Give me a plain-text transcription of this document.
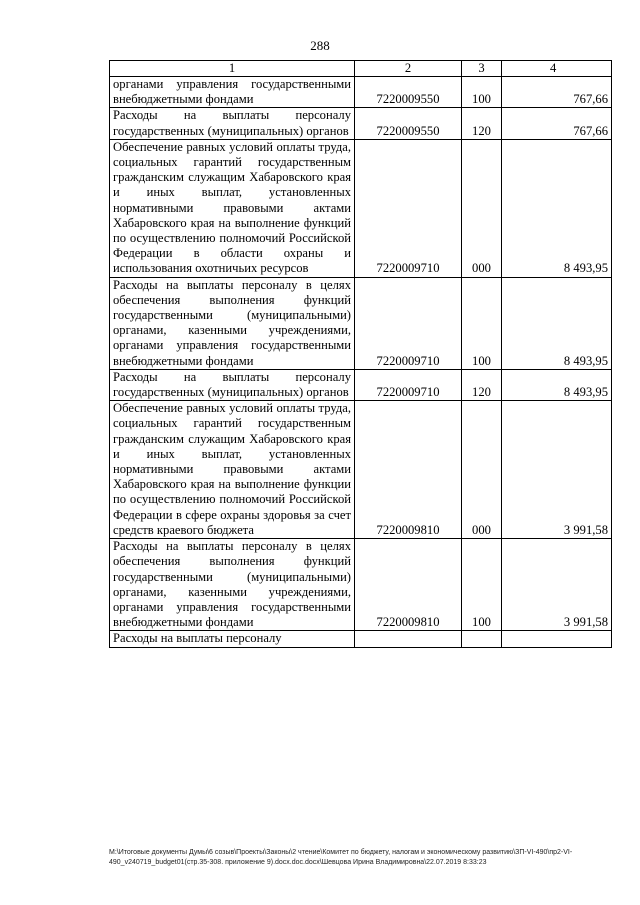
288
1	2	3	4
органами управления государственными внебюджетными фондами	7220009550	100	767,66
Расходы на выплаты персоналу государственных (муниципальных) органов	7220009550	120	767,66
Обеспечение равных условий оплаты труда, социальных гарантий государственным гражданским служащим Хабаровского края и иных выплат, установленных нормативными правовыми актами Хабаровского края на выполнение функций по осуществлению полномочий Российской Федерации в области охраны и использования охотничьих ресурсов	7220009710	000	8 493,95
Расходы на выплаты персоналу в целях обеспечения выполнения функций государственными (муниципальными) органами, казенными учреждениями, органами управления государственными внебюджетными фондами	7220009710	100	8 493,95
Расходы на выплаты персоналу государственных (муниципальных) органов	7220009710	120	8 493,95
Обеспечение равных условий оплаты труда, социальных гарантий государственным гражданским служащим Хабаровского края и иных выплат, установленных нормативными правовыми актами Хабаровского края на выполнение функции по осуществлению полномочий Российской Федерации в сфере охраны здоровья за счет средств краевого бюджета	7220009810	000	3 991,58
Расходы на выплаты персоналу в целях обеспечения выполнения функций государственными (муниципальными) органами, казенными учреждениями, органами управления государственными внебюджетными фондами	7220009810	100	3 991,58
Расходы на выплаты персоналу			
М:\Итоговые документы Думы\6 созыв\Проекты\Законы\2 чтение\Комитет по бюджету, налогам и экономическому развитию\ЗП-VI-490\пр2-VI-490_v240719_budget01(стр.35-308. приложение 9).docx.doc.docx\Шевцова Ирина Владимировна\22.07.2019 8:33:23
